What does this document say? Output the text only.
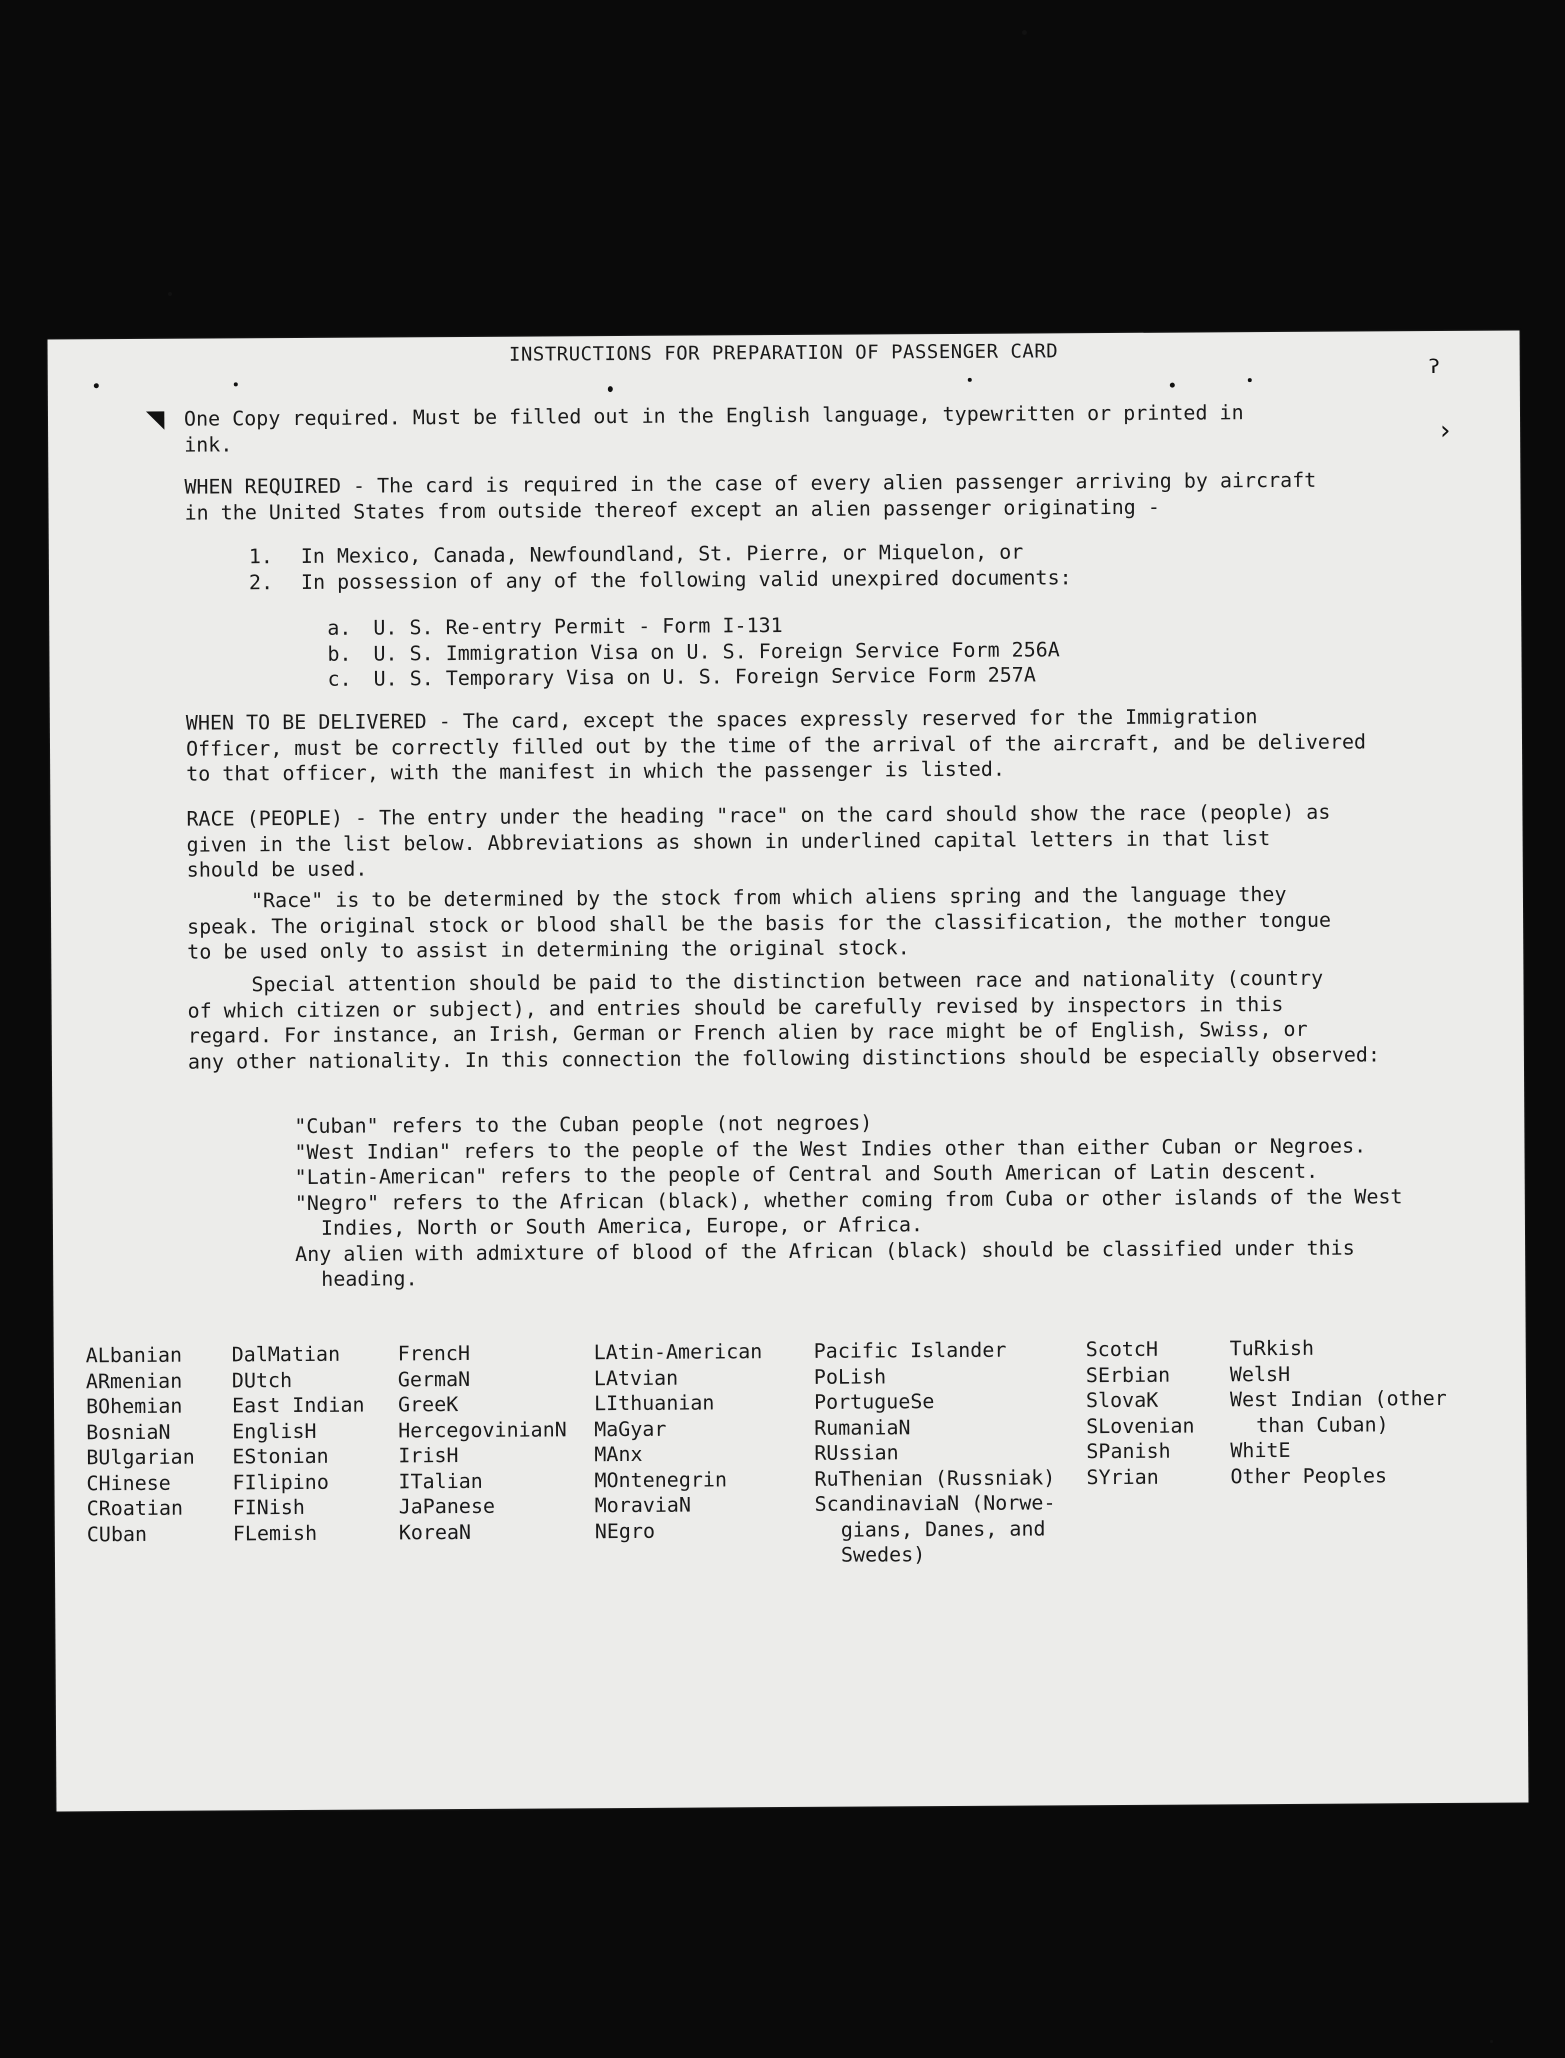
INSTRUCTIONS FOR PREPARATION OF PASSENGER CARD

One Copy required. Must be filled out in the English language, typewritten or printed in

ink.

WHEN REQUIRED - The card is required in the case of every alien passenger arriving by aircraft

in the United States from outside thereof except an alien passenger originating -

1. In Mexico, Canada, Newfoundland, St. Pierre, or Miquelon, or

2. In possession of any of the following valid unexpired documents:

a. U. S. Re-entry Permit - Form I-131

b. U. S. Immigration Visa on U. S. Foreign Service Form 256A

c. U. S. Temporary Visa on U. S. Foreign Service Form 257A

WHEN TO BE DELIVERED - The card, except the spaces expressly reserved for the Immigration

Officer, must be correctly filled out by the time of the arrival of the aircraft, and be delivered

to that officer, with the manifest in which the passenger is listed.

RACE (PEOPLE) - The entry under the heading "race" on the card should show the race (people) as

given in the list below. Abbreviations as shown in underlined capital letters in that list

should be used.

"Race" is to be determined by the stock from which aliens spring and the language they

speak. The original stock or blood shall be the basis for the classification, the mother tongue

to be used only to assist in determining the original stock.

Special attention should be paid to the distinction between race and nationality (country

of which citizen or subject), and entries should be carefully revised by inspectors in this

regard. For instance, an Irish, German or French alien by race might be of English, Swiss, or

any other nationality. In this connection the following distinctions should be especially observed:

"Cuban" refers to the Cuban people (not negroes)

"West Indian" refers to the people of the West Indies other than either Cuban or Negroes.

"Latin-American" refers to the people of Central and South American of Latin descent.

"Negro" refers to the African (black), whether coming from Cuba or other islands of the West Indies, North or South America, Europe, or Africa.

Any alien with admixture of blood of the African (black) should be classified under this heading.

ALbanian
ARmenian
BOhemian
BosniaN
BUlgarian
CHinese
CRoatian
CUban
DalMatian
DUtch
East Indian
EnglisH
EStonian
FIlipino
FINish
FLemish
FrencH
GermaN
GreeK
HercegovinianN
IrisH
ITalian
JaPanese
KoreaN
LAtin-American
LAtvian
LIthuanian
MaGyar
MAnx
MOntenegrin
MoraviaN
NEgro
Pacific Islander
PoLish
PortugueSe
RumaniaN
RUssian
RuThenian (Russniak)
ScandinaviaN (Norwe-
gians, Danes, and
Swedes)
ScotcH
SErbian
SlovaK
SLovenian
SPanish
SYrian
TuRkish
WelsH
West Indian (other
than Cuban)
WhitE
Other Peoples
ˀ
›
◥
